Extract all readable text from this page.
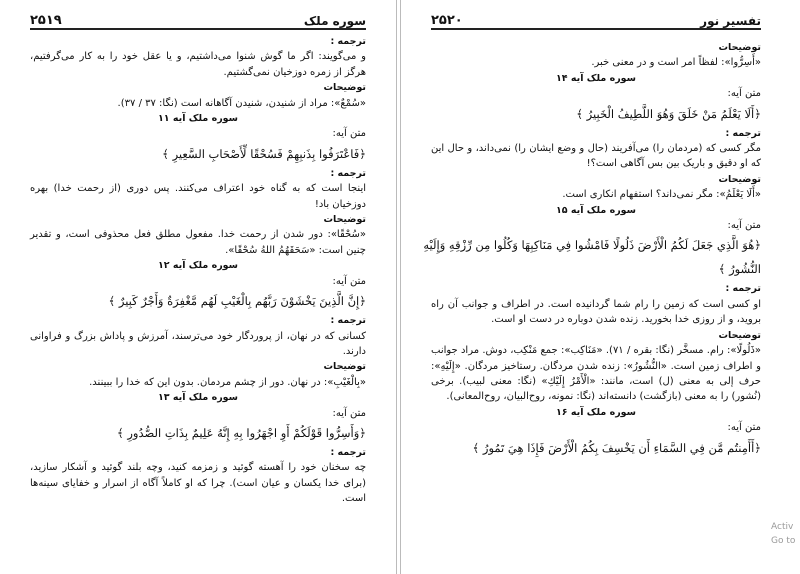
سوره ملک
۲۵۱۹
ترجمه :
و می‌گویند: اگر ما گوش شنوا می‌داشتیم، و یا عقل خود را به کار می‌گرفتیم، هرگز از زمره دوزخیان نمی‌گشتیم.
توضیحات
«سُمْعٌ»: مراد از شنیدن، شنیدن آگاهانه است (نگا: ۳۷ / ۳۷).
سوره ملک آیه ۱۱
متن آیه:
﴿فَاعْتَرَفُوا بِذَنبِهِمْ فَسُحْقًا لِّأَصْحَابِ السَّعِيرِ ﴾
ترجمه :
اینجا است که به گناه خود اعتراف می‌کنند. پس دوری (از رحمت خدا) بهره دوزخیان باد!
توضیحات
«سُحْقًا»: دور شدن از رحمت خدا. مفعول مطلق فعل محذوفی است، و تقدیر چنین است: «سَحَقَهُمُ اللهُ سُحْقًا».
سوره ملک آیه ۱۲
متن آیه:
﴿إِنَّ الَّذِينَ يَخْشَوْنَ رَبَّهُم بِالْغَيْبِ لَهُم مَّغْفِرَةٌ وَأَجْرٌ كَبِيرٌ ﴾
ترجمه :
کسانی که در نهان، از پروردگار خود می‌ترسند، آمرزش و پاداش بزرگ و فراوانی دارند.
توضیحات
«بِالْغَيْبِ»: در نهان. دور از چشم مردمان. بدون این که خدا را ببینند.
سوره ملک آیه ۱۳
متن آیه:
﴿وَأَسِرُّوا قَوْلَكُمْ أَوِ اجْهَرُوا بِهِ إِنَّهُ عَلِيمٌ بِذَاتِ الصُّدُورِ ﴾
ترجمه :
چه سخنان خود را آهسته گوئید و زمزمه کنید، وچه بلند گوئید و آشکار سازید، (برای خدا یکسان و عیان است). چرا که او کاملاً آگاه از اسرار و خفایای سینه‌ها است.
تفسیر نور
۲۵۲۰
توضیحات
«أَسِرُّوا»: لفظاً امر است و در معنی خبر.
سوره ملک آیه ۱۴
متن آیه:
﴿أَلَا يَعْلَمُ مَنْ خَلَقَ وَهُوَ اللَّطِيفُ الْخَبِيرُ ﴾
ترجمه :
مگر کسی که (مردمان را) می‌آفریند (حال و وضع ایشان را) نمی‌داند، و حال این که او دقیق و باریک بین بس آگاهی است؟!
توضیحات
«أَلَا يَعْلَمُ»: مگر نمی‌داند؟ استفهام انکاری است.
سوره ملک آیه ۱۵
متن آیه:
﴿هُوَ الَّذِي جَعَلَ لَكُمُ الْأَرْضَ ذَلُولًا فَامْشُوا فِي مَنَاكِبِهَا وَكُلُوا مِن رِّزْقِهِ وَإِلَيْهِ
النُّشُورُ ﴾
ترجمه :
او کسی است که زمین را رام شما گردانیده است. در اطراف و جوانب آن راه بروید، و از روزی خدا بخورید. زنده شدن دوباره در دست او است.
توضیحات
«ذَلُولًا»: رام. مسخَّر (نگا: بقره / ۷۱). «مَنَاكِب»: جمع مَنْكِب، دوش. مراد جوانب و اطراف زمین است. «النُّشُورُ»: زنده شدن مردگان. رستاخیز مردگان. «إِلَيْهِ»: حرف إلی به معنی (ل) است، مانند: «الْأَمْرُ إِلَيْكِ» (نگا: معنی لبیب). برخی (نُشور) را به معنی (بازگشت) دانسته‌اند (نگا: نمونه، روح‌البیان، روح‌المعانی).
سوره ملک آیه ۱۶
متن آیه:
﴿أَأَمِنتُم مَّن فِي السَّمَاءِ أَن يَخْسِفَ بِكُمُ الْأَرْضَ فَإِذَا هِيَ تَمُورُ ﴾
Activ
Go to
